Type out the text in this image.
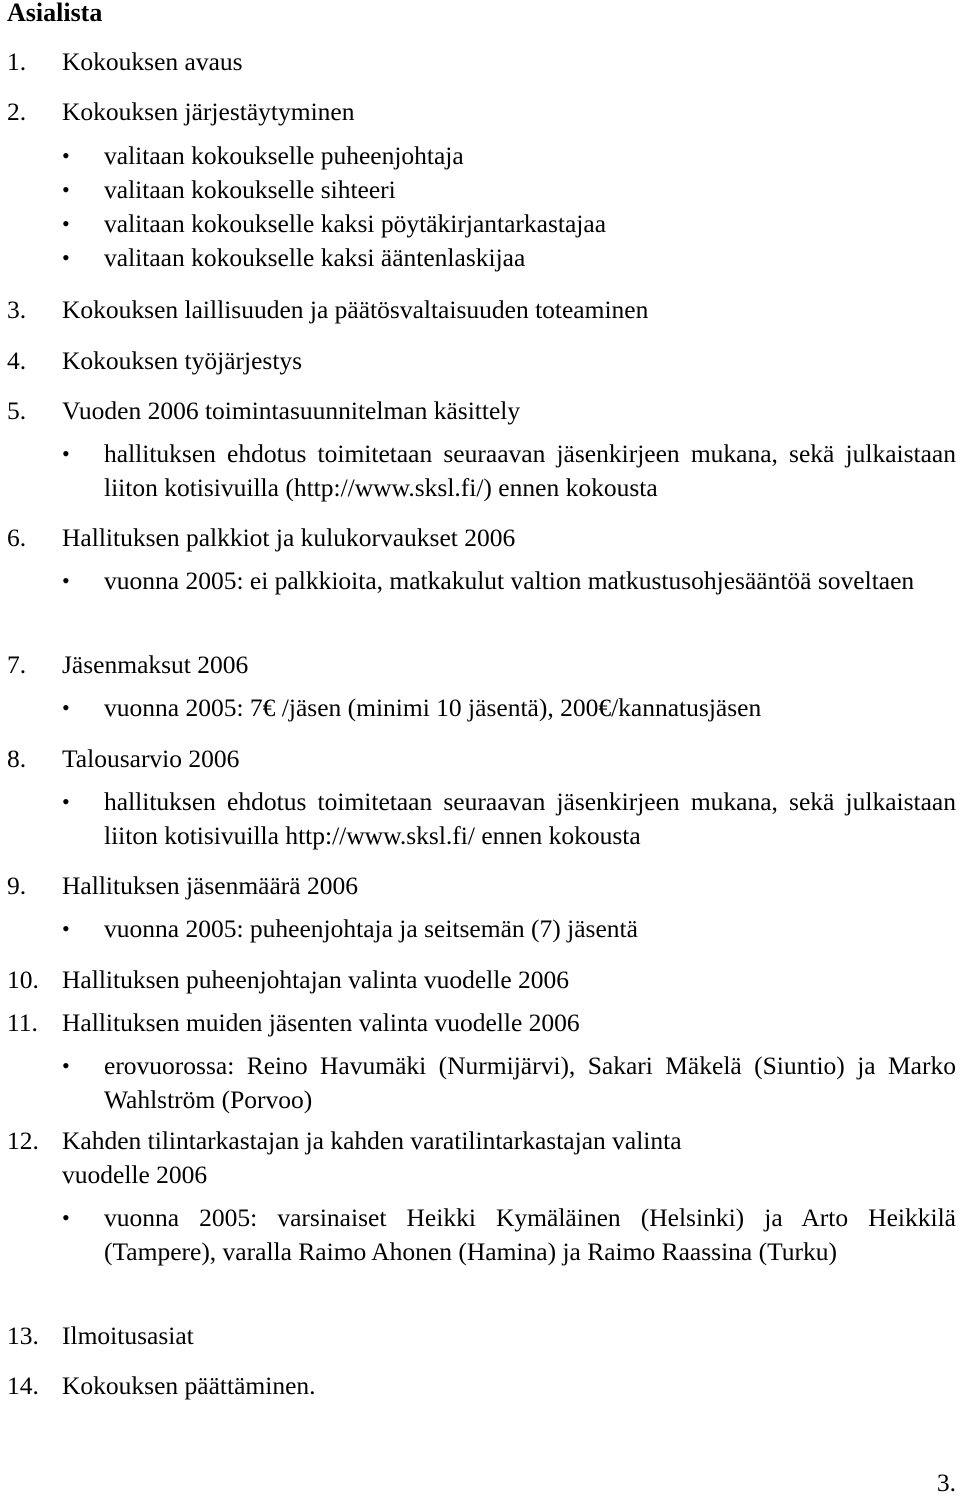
Asialista
1. Kokouksen avaus
2. Kokouksen järjestäytyminen
• valitaan kokoukselle puheenjohtaja
• valitaan kokoukselle sihteeri
• valitaan kokoukselle kaksi pöytäkirjantarkastajaa
• valitaan kokoukselle kaksi ääntenlaskijaa
3. Kokouksen laillisuuden ja päätösvaltaisuuden toteaminen
4. Kokouksen työjärjestys
5. Vuoden 2006 toimintasuunnitelman käsittely
• hallituksen ehdotus toimitetaan seuraavan jäsenkirjeen mukana, sekä julkaistaan liiton kotisivuilla (http://www.sksl.fi/) ennen kokousta
6. Hallituksen palkkiot ja kulukorvaukset 2006
• vuonna 2005: ei palkkioita, matkakulut valtion matkustusohjesääntöä soveltaen
7. Jäsenmaksut 2006
• vuonna 2005: 7€ /jäsen (minimi 10 jäsentä), 200€/kannatusjäsen
8. Talousarvio 2006
• hallituksen ehdotus toimitetaan seuraavan jäsenkirjeen mukana, sekä julkaistaan liiton kotisivuilla http://www.sksl.fi/ ennen kokousta
9. Hallituksen jäsenmäärä 2006
• vuonna 2005: puheenjohtaja ja seitsemän (7) jäsentä
10. Hallituksen puheenjohtajan valinta vuodelle 2006
11. Hallituksen muiden jäsenten valinta vuodelle 2006
• erovuorossa: Reino Havumäki (Nurmijärvi), Sakari Mäkelä (Siuntio) ja Marko Wahlström (Porvoo)
12. Kahden tilintarkastajan ja kahden varatilintarkastajan valinta
vuodelle 2006
• vuonna 2005: varsinaiset Heikki Kymäläinen (Helsinki) ja Arto Heikkilä (Tampere), varalla Raimo Ahonen (Hamina) ja Raimo Raassina (Turku)
13. Ilmoitusasiat
14. Kokouksen päättäminen.
3.
